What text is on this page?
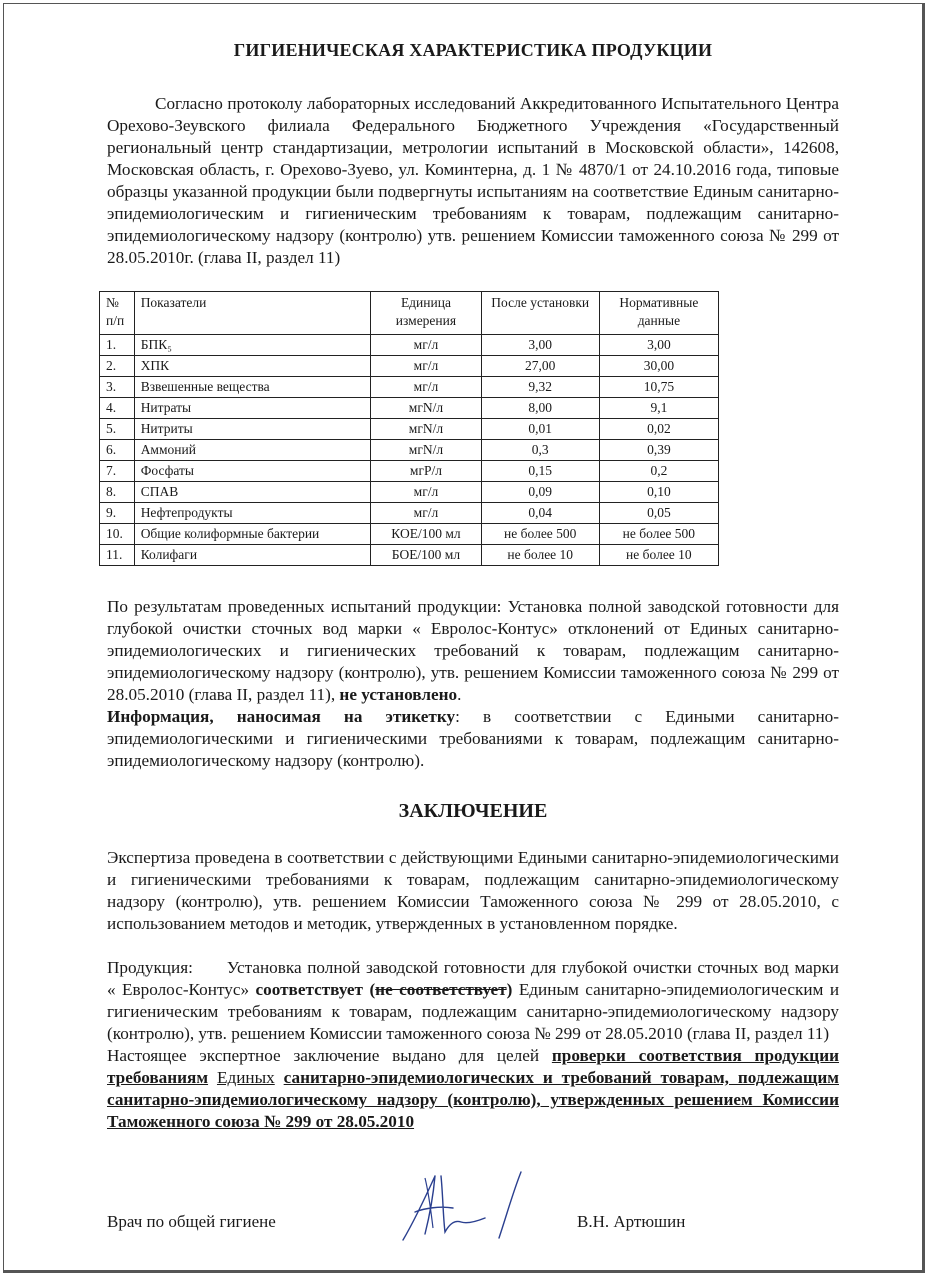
ГИГИЕНИЧЕСКАЯ ХАРАКТЕРИСТИКА ПРОДУКЦИИ

Согласно протоколу лабораторных исследований Аккредитованного Испытательного Центра Орехово-Зеувского филиала Федерального Бюджетного Учреждения «Государственный региональный центр стандартизации, метрологии испытаний в Московской области», 142608, Московская область, г. Орехово-Зуево, ул. Коминтерна, д. 1 № 4870/1 от 24.10.2016 года, типовые образцы указанной продукции были подвергнуты испытаниям на соответствие Единым санитарно-эпидемиологическим и гигиеническим требованиям к товарам, подлежащим санитарно-эпидемиологическому надзору (контролю) утв. решением Комиссии таможенного союза № 299 от 28.05.2010г. (глава II, раздел 11)

№ п/п	Показатели	Единица измерения	После установки	Нормативные данные
1.	БПК₅	мг/л	3,00	3,00
2.	ХПК	мг/л	27,00	30,00
3.	Взвешенные вещества	мг/л	9,32	10,75
4.	Нитраты	мгN/л	8,00	9,1
5.	Нитриты	мгN/л	0,01	0,02
6.	Аммоний	мгN/л	0,3	0,39
7.	Фосфаты	мгР/л	0,15	0,2
8.	СПАВ	мг/л	0,09	0,10
9.	Нефтепродукты	мг/л	0,04	0,05
10.	Общие колиформные бактерии	КОЕ/100 мл	не более 500	не более 500
11.	Колифаги	БОЕ/100 мл	не более 10	не более 10

По результатам проведенных испытаний продукции: Установка полной заводской готовности для глубокой очистки сточных вод марки « Евролос-Контус» отклонений от Единых санитарно-эпидемиологических и гигиенических требований к товарам, подлежащим санитарно-эпидемиологическому надзору (контролю), утв. решением Комиссии таможенного союза № 299 от 28.05.2010 (глава II, раздел 11), не установлено.

Информация, наносимая на этикетку: в соответствии с Едиными санитарно-эпидемиологическими и гигиеническими требованиями к товарам, подлежащим санитарно-эпидемиологическому надзору (контролю).

ЗАКЛЮЧЕНИЕ

Экспертиза проведена в соответствии с действующими Едиными санитарно-эпидемиологическими и гигиеническими требованиями к товарам, подлежащим санитарно-эпидемиологическому надзору (контролю), утв. решением Комиссии Таможенного союза № 299 от 28.05.2010, с использованием методов и методик, утвержденных в установленном порядке.

Продукция: Установка полной заводской готовности для глубокой очистки сточных вод марки « Евролос-Контус» соответствует (не соответствует) Единым санитарно-эпидемиологическим и гигиеническим требованиям к товарам, подлежащим санитарно-эпидемиологическому надзору (контролю), утв. решением Комиссии таможенного союза № 299 от 28.05.2010 (глава II, раздел 11)

Настоящее экспертное заключение выдано для целей проверки соответствия продукции требованиям Единых санитарно-эпидемиологических и требований товарам, подлежащим санитарно-эпидемиологическому надзору (контролю), утвержденных решением Комиссии Таможенного союза № 299 от 28.05.2010

Врач по общей гигиене	В.Н. Артюшин
